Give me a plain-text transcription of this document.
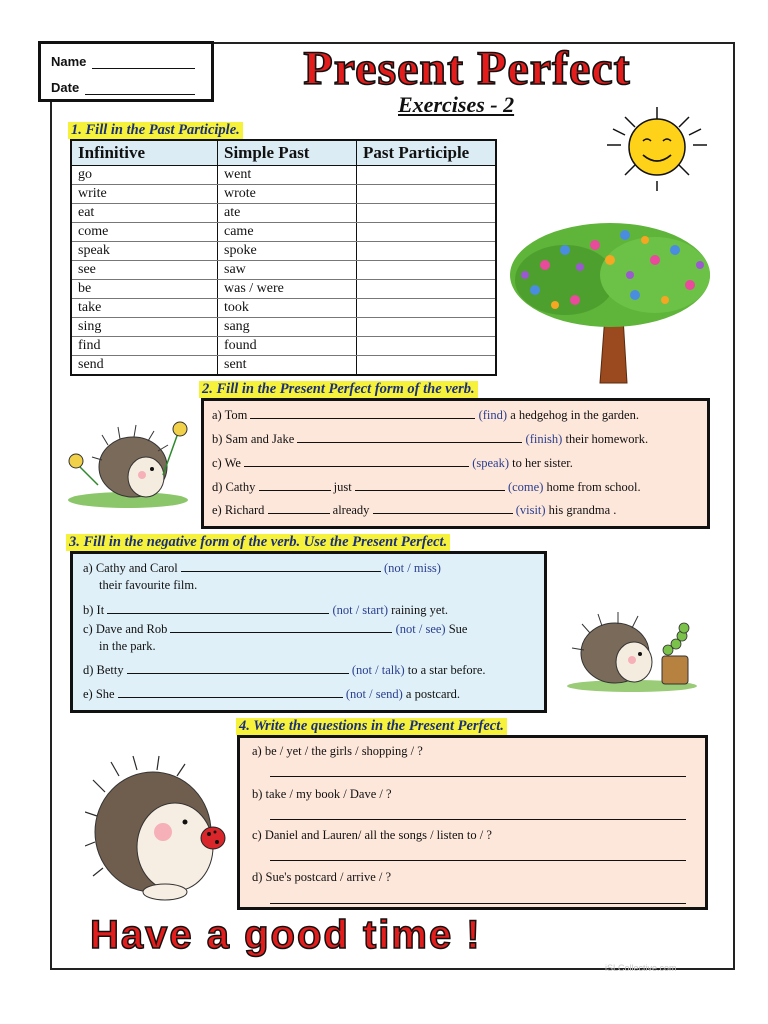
Name
Date	Present Perfect
Exercises - 2
1. Fill in the Past Participle.
Infinitive	Simple Past	Past Participle
go	went	
write	wrote	
eat	ate	
come	came	
speak	spoke	
see	saw	
be	was / were	
take	took	
sing	sang	
find	found	
send	sent	
2. Fill in the Present Perfect form of the verb.
a) Tom	(find) a hedgehog in the garden.
b) Sam and Jake	(finish) their homework.
c) We	(speak) to her sister.
d) Cathy	just	(come) home from school.
e) Richard	already	(visit) his grandma .
3. Fill in the negative form of the verb. Use the Present Perfect.
a) Cathy and Carol	(not / miss)
their favourite film.
b) It	(not / start) raining yet.
c) Dave and Rob	(not / see) Sue
in the park.
d) Betty	(not / talk) to a star before.
e) She	(not / send) a postcard.
4. Write the questions in the Present Perfect.
a) be / yet / the girls / shopping / ?
b) take / my book / Dave / ?
c) Daniel and Lauren/ all the songs / listen to / ?
d) Sue's postcard / arrive / ?
Have a good time !
iSLCollective.com
